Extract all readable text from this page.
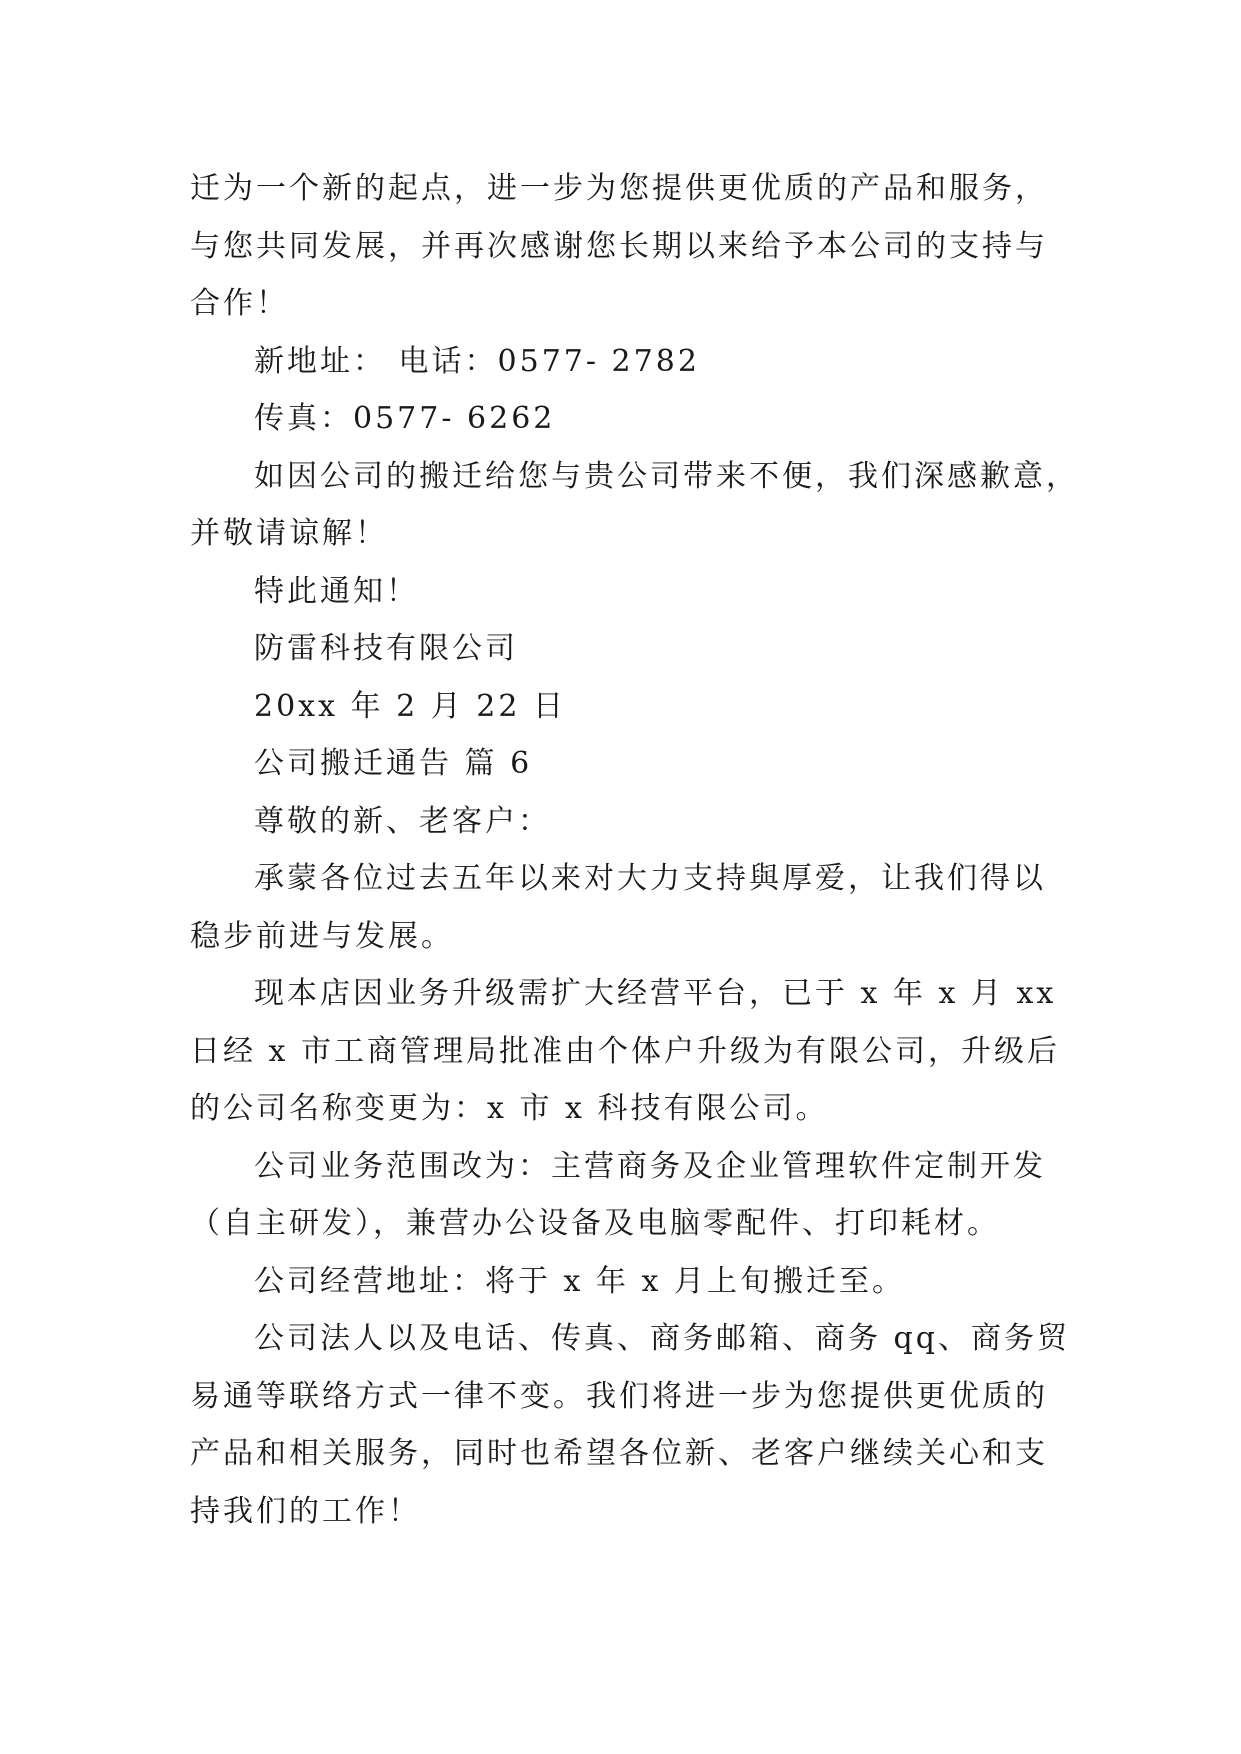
迁为一个新的起点，进一步为您提供更优质的产品和服务，
与您共同发展，并再次感谢您长期以来给予本公司的支持与
合作！
新地址： 电话：0577- 2782
传真：0577- 6262
如因公司的搬迁给您与贵公司带来不便，我们深感歉意，
并敬请谅解！
特此通知！
防雷科技有限公司
20xx 年 2 月 22 日
公司搬迁通告 篇 6
尊敬的新、老客户：
承蒙各位过去五年以来对大力支持與厚爱，让我们得以
稳步前进与发展。
现本店因业务升级需扩大经营平台，已于 x 年 x 月 xx
日经 x 市工商管理局批准由个体户升级为有限公司，升级后
的公司名称变更为：x 市 x 科技有限公司。
公司业务范围改为：主营商务及企业管理软件定制开发
（自主研发），兼营办公设备及电脑零配件、打印耗材。
公司经营地址：将于 x 年 x 月上旬搬迁至。
公司法人以及电话、传真、商务邮箱、商务 qq、商务贸
易通等联络方式一律不变。我们将进一步为您提供更优质的
产品和相关服务，同时也希望各位新、老客户继续关心和支
持我们的工作！
